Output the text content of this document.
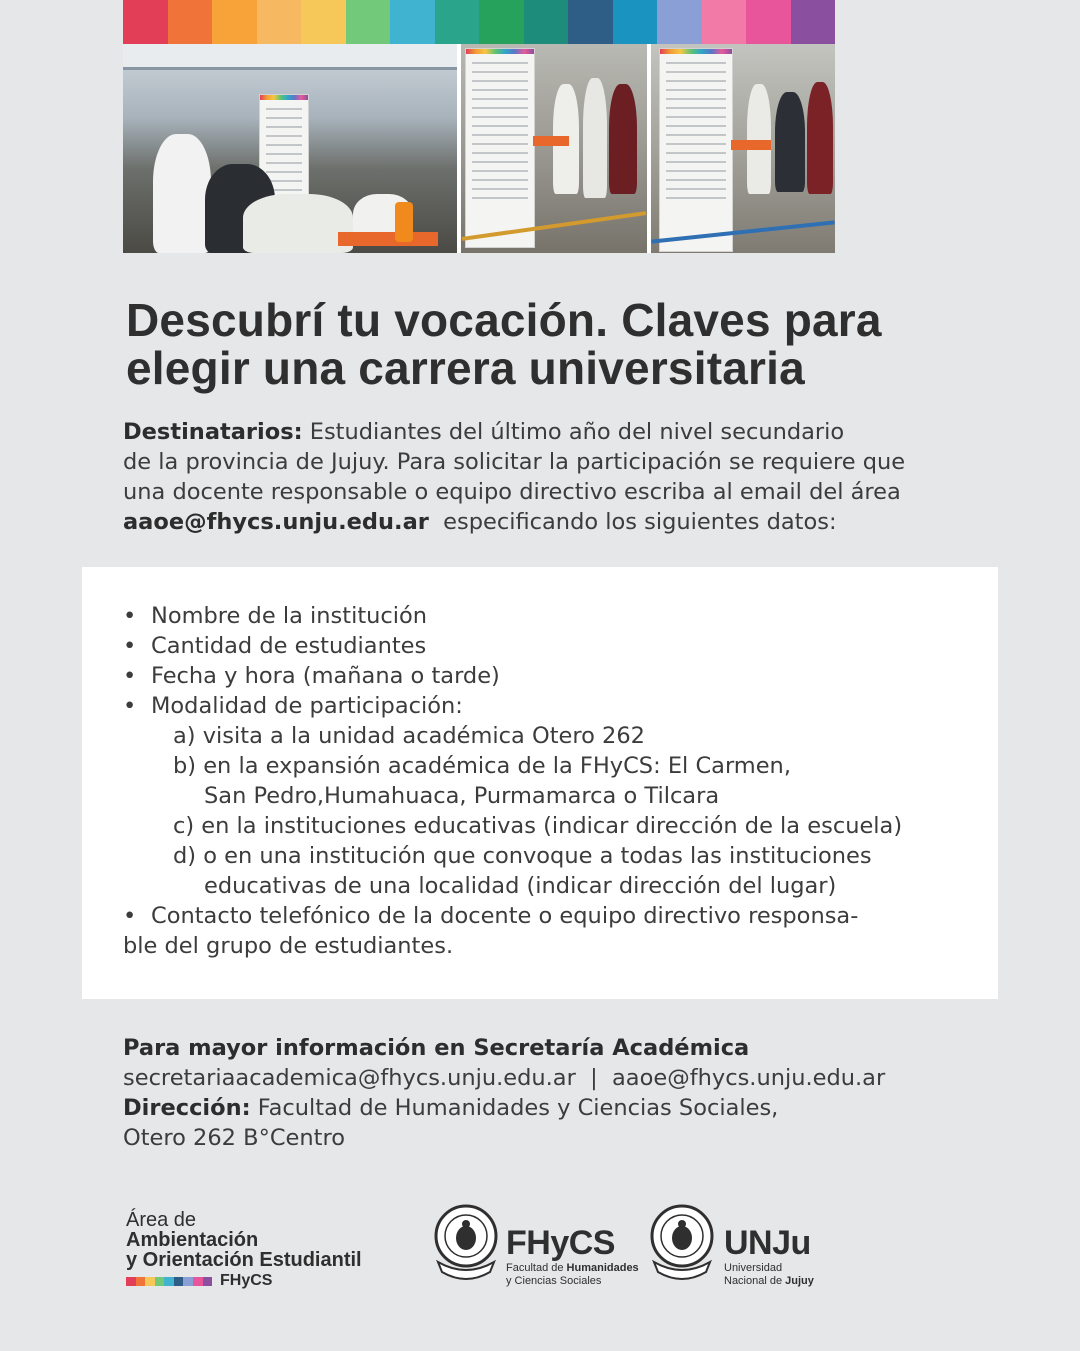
Descubrí tu vocación. Claves para
elegir una carrera universitaria
Destinatarios: Estudiantes del último año del nivel secundario
de la provincia de Jujuy. Para solicitar la participación se requiere que
una docente responsable o equipo directivo escriba al email del área
aaoe@fhycs.unju.edu.ar  especificando los siguientes datos:
• Nombre de la institución
• Cantidad de estudiantes
• Fecha y hora (mañana o tarde)
• Modalidad de participación:
a) visita a la unidad académica Otero 262
b) en la expansión académica de la FHyCS: El Carmen,
San Pedro,Humahuaca, Purmamarca o Tilcara
c) en la instituciones educativas (indicar dirección de la escuela)
d) o en una institución que convoque a todas las instituciones
educativas de una localidad (indicar dirección del lugar)
• Contacto telefónico de la docente o equipo directivo responsa-
ble del grupo de estudiantes.
Para mayor información en Secretaría Académica
secretariaacademica@fhycs.unju.edu.ar  |  aaoe@fhycs.unju.edu.ar
Dirección: Facultad de Humanidades y Ciencias Sociales,
Otero 262 B°Centro
Área de
Ambientación
y Orientación Estudiantil
FHyCS
FHyCS
Facultad de Humanidades
y Ciencias Sociales
UNJu
Universidad
Nacional de Jujuy
